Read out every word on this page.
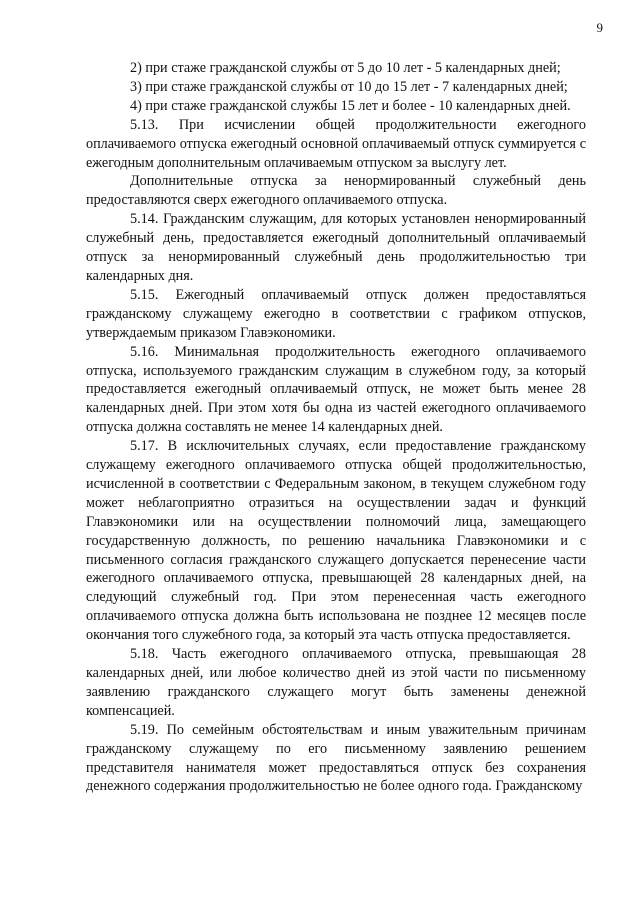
9

2) при стаже гражданской службы от 5 до 10 лет - 5 календарных дней;

3) при стаже гражданской службы от 10 до 15 лет - 7 календарных дней;

4) при стаже гражданской службы 15 лет и более - 10 календарных дней.

5.13. При исчислении общей продолжительности ежегодного оплачиваемого отпуска ежегодный основной оплачиваемый отпуск суммируется с ежегодным дополнительным оплачиваемым отпуском за выслугу лет.

Дополнительные отпуска за ненормированный служебный день предоставляются сверх ежегодного оплачиваемого отпуска.

5.14. Гражданским служащим, для которых установлен ненормированный служебный день, предоставляется ежегодный дополнительный оплачиваемый отпуск за ненормированный служебный день продолжительностью три календарных дня.

5.15. Ежегодный оплачиваемый отпуск должен предоставляться гражданскому служащему ежегодно в соответствии с графиком отпусков, утверждаемым приказом Главэкономики.

5.16. Минимальная продолжительность ежегодного оплачиваемого отпуска, используемого гражданским служащим в служебном году, за который предоставляется ежегодный оплачиваемый отпуск, не может быть менее 28 календарных дней. При этом хотя бы одна из частей ежегодного оплачиваемого отпуска должна составлять не менее 14 календарных дней.

5.17. В исключительных случаях, если предоставление гражданскому служащему ежегодного оплачиваемого отпуска общей продолжительностью, исчисленной в соответствии с Федеральным законом, в текущем служебном году может неблагоприятно отразиться на осуществлении задач и функций Главэкономики или на осуществлении полномочий лица, замещающего государственную должность, по решению начальника Главэкономики и с письменного согласия гражданского служащего допускается перенесение части ежегодного оплачиваемого отпуска, превышающей 28 календарных дней, на следующий служебный год. При этом перенесенная часть ежегодного оплачиваемого отпуска должна быть использована не позднее 12 месяцев после окончания того служебного года, за который эта часть отпуска предоставляется.

5.18. Часть ежегодного оплачиваемого отпуска, превышающая 28 календарных дней, или любое количество дней из этой части по письменному заявлению гражданского служащего могут быть заменены денежной компенсацией.

5.19. По семейным обстоятельствам и иным уважительным причинам гражданскому служащему по его письменному заявлению решением представителя нанимателя может предоставляться отпуск без сохранения денежного содержания продолжительностью не более одного года. Гражданскому
